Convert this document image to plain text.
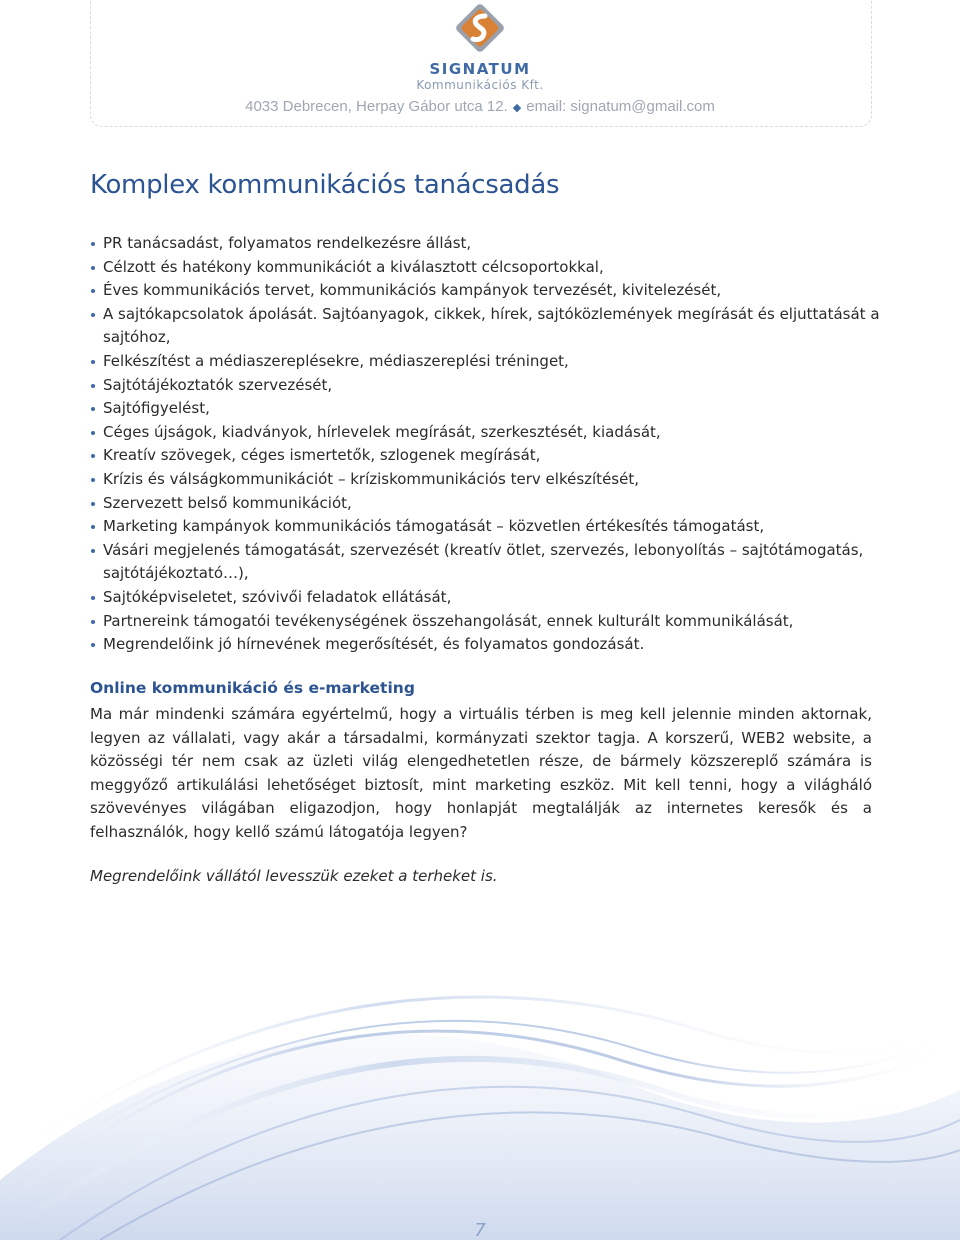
SIGNATUM
Kommunikációs Kft.
4033 Debrecen, Herpay Gábor utca 12. ◆ email: signatum@gmail.com
Komplex kommunikációs tanácsadás
PR tanácsadást, folyamatos rendelkezésre állást,
Célzott és hatékony kommunikációt a kiválasztott célcsoportokkal,
Éves kommunikációs tervet, kommunikációs kampányok tervezését, kivitelezését,
A sajtókapcsolatok ápolását. Sajtóanyagok, cikkek, hírek, sajtóközlemények megírását és eljuttatását a sajtóhoz,
Felkészítést a médiaszereplésekre, médiaszereplési tréninget,
Sajtótájékoztatók szervezését,
Sajtófigyelést,
Céges újságok, kiadványok, hírlevelek megírását, szerkesztését, kiadását,
Kreatív szövegek, céges ismertetők, szlogenek megírását,
Krízis és válságkommunikációt – kríziskommunikációs terv elkészítését,
Szervezett belső kommunikációt,
Marketing kampányok kommunikációs támogatását – közvetlen értékesítés támogatást,
Vásári megjelenés támogatását, szervezését (kreatív ötlet, szervezés, lebonyolítás – sajtótámogatás, sajtótájékoztató…),
Sajtóképviseletet, szóvivői feladatok ellátását,
Partnereink támogatói tevékenységének összehangolását, ennek kulturált kommunikálását,
Megrendelőink jó hírnevének megerősítését, és folyamatos gondozását.
Online kommunikáció és e-marketing

Ma már mindenki számára egyértelmű, hogy a virtuális térben is meg kell jelennie minden aktornak, legyen az vállalati, vagy akár a társadalmi, kormányzati szektor tagja. A korszerű, WEB2 website, a közösségi tér nem csak az üzleti világ elengedhetetlen része, de bármely közszereplő számára is meggyőző artikulálási lehetőséget biztosít, mint marketing eszköz. Mit kell tenni, hogy a világháló szövevényes világában eligazodjon, hogy honlapját megtalálják az internetes keresők és a felhasználók, hogy kellő számú látogatója legyen?

Megrendelőink vállától levesszük ezeket a terheket is.

7
